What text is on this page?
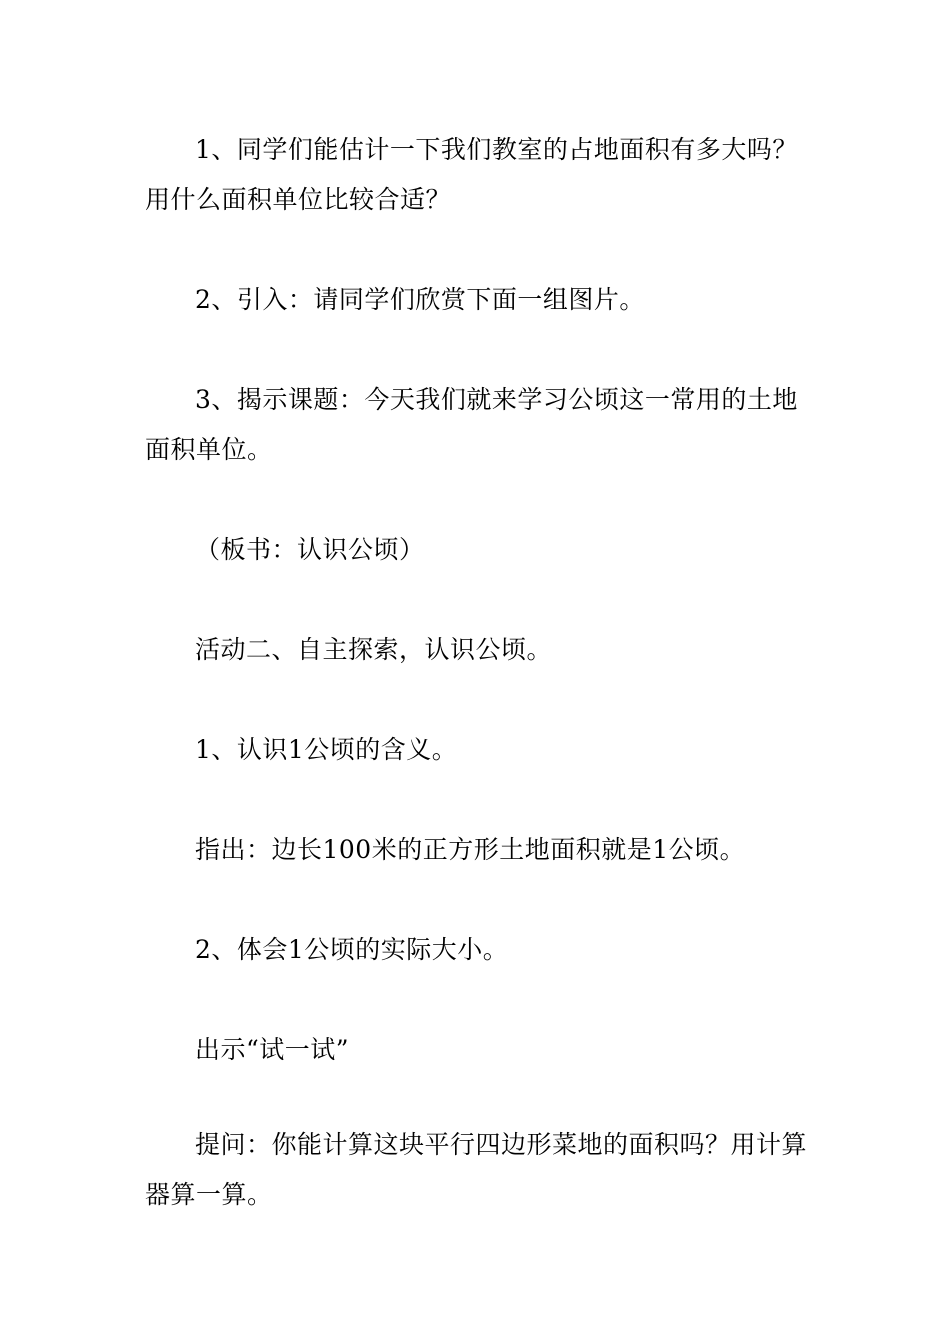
1、同学们能估计一下我们教室的占地面积有多大吗？用什么面积单位比较合适？

2、引入：请同学们欣赏下面一组图片。

3、揭示课题：今天我们就来学习公顷这一常用的土地面积单位。

（板书：认识公顷）

活动二、自主探索，认识公顷。

1、认识1公顷的含义。

指出：边长100米的正方形土地面积就是1公顷。

2、体会1公顷的实际大小。

出示“试一试”

提问：你能计算这块平行四边形菜地的面积吗？用计算器算一算。
